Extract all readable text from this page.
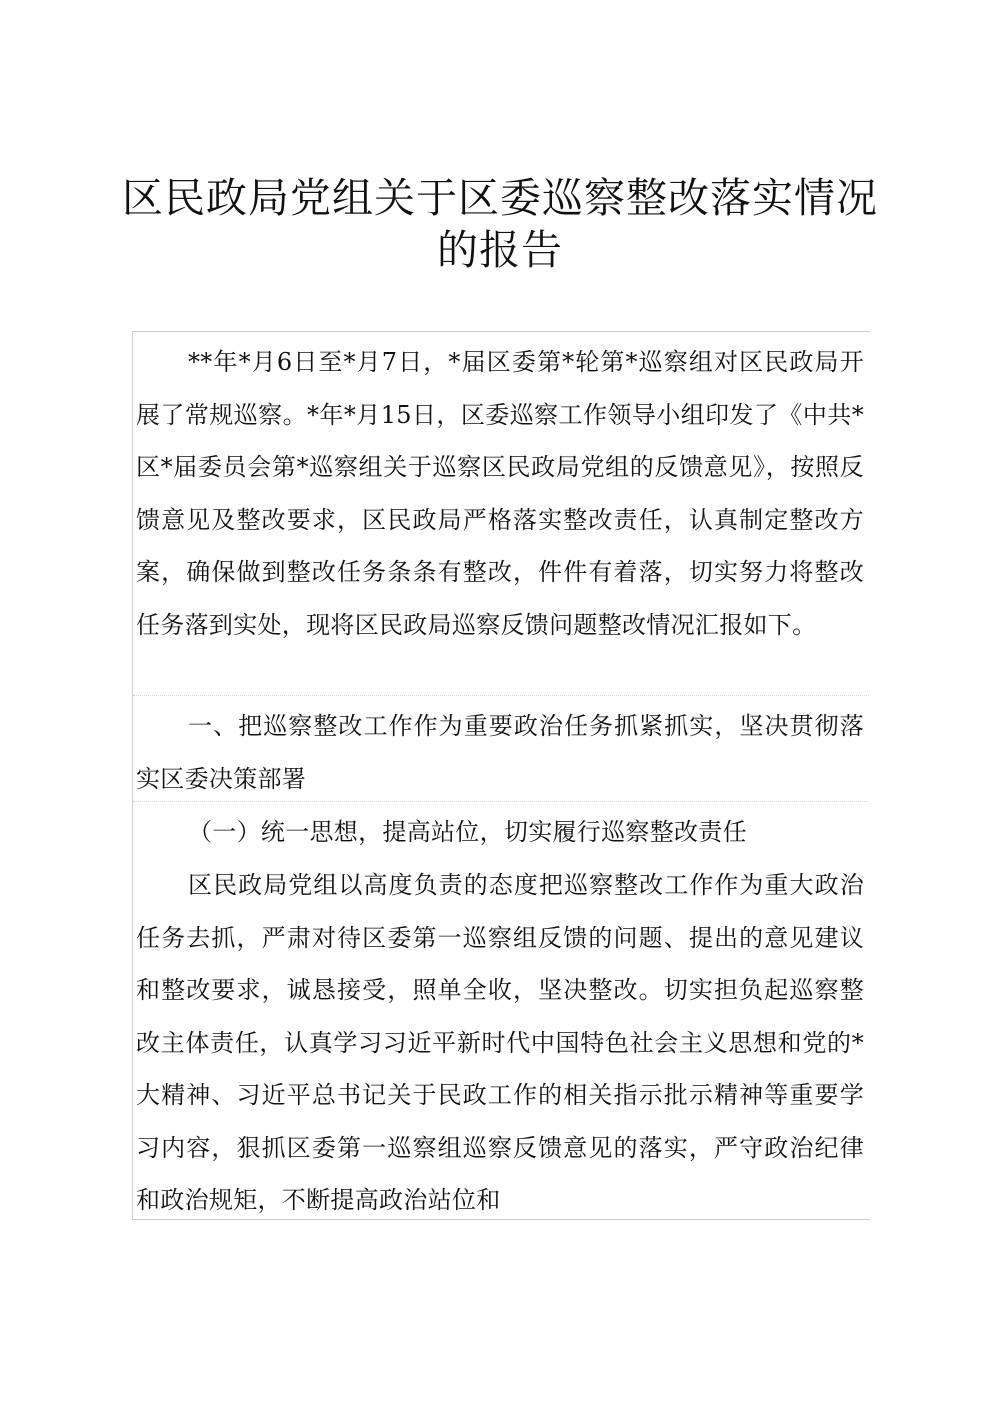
区民政局党组关于区委巡察整改落实情况的报告

**年*月6日至*月7日，*届区委第*轮第*巡察组对区民政局开展了常规巡察。*年*月15日，区委巡察工作领导小组印发了《中共*区*届委员会第*巡察组关于巡察区民政局党组的反馈意见》，按照反馈意见及整改要求，区民政局严格落实整改责任，认真制定整改方案，确保做到整改任务条条有整改，件件有着落，切实努力将整改任务落到实处，现将区民政局巡察反馈问题整改情况汇报如下。

一、把巡察整改工作作为重要政治任务抓紧抓实，坚决贯彻落实区委决策部署

（一）统一思想，提高站位，切实履行巡察整改责任

区民政局党组以高度负责的态度把巡察整改工作作为重大政治任务去抓，严肃对待区委第一巡察组反馈的问题、提出的意见建议和整改要求，诚恳接受，照单全收，坚决整改。切实担负起巡察整改主体责任，认真学习习近平新时代中国特色社会主义思想和党的*大精神、习近平总书记关于民政工作的相关指示批示精神等重要学习内容，狠抓区委第一巡察组巡察反馈意见的落实，严守政治纪律和政治规矩，不断提高政治站位和
